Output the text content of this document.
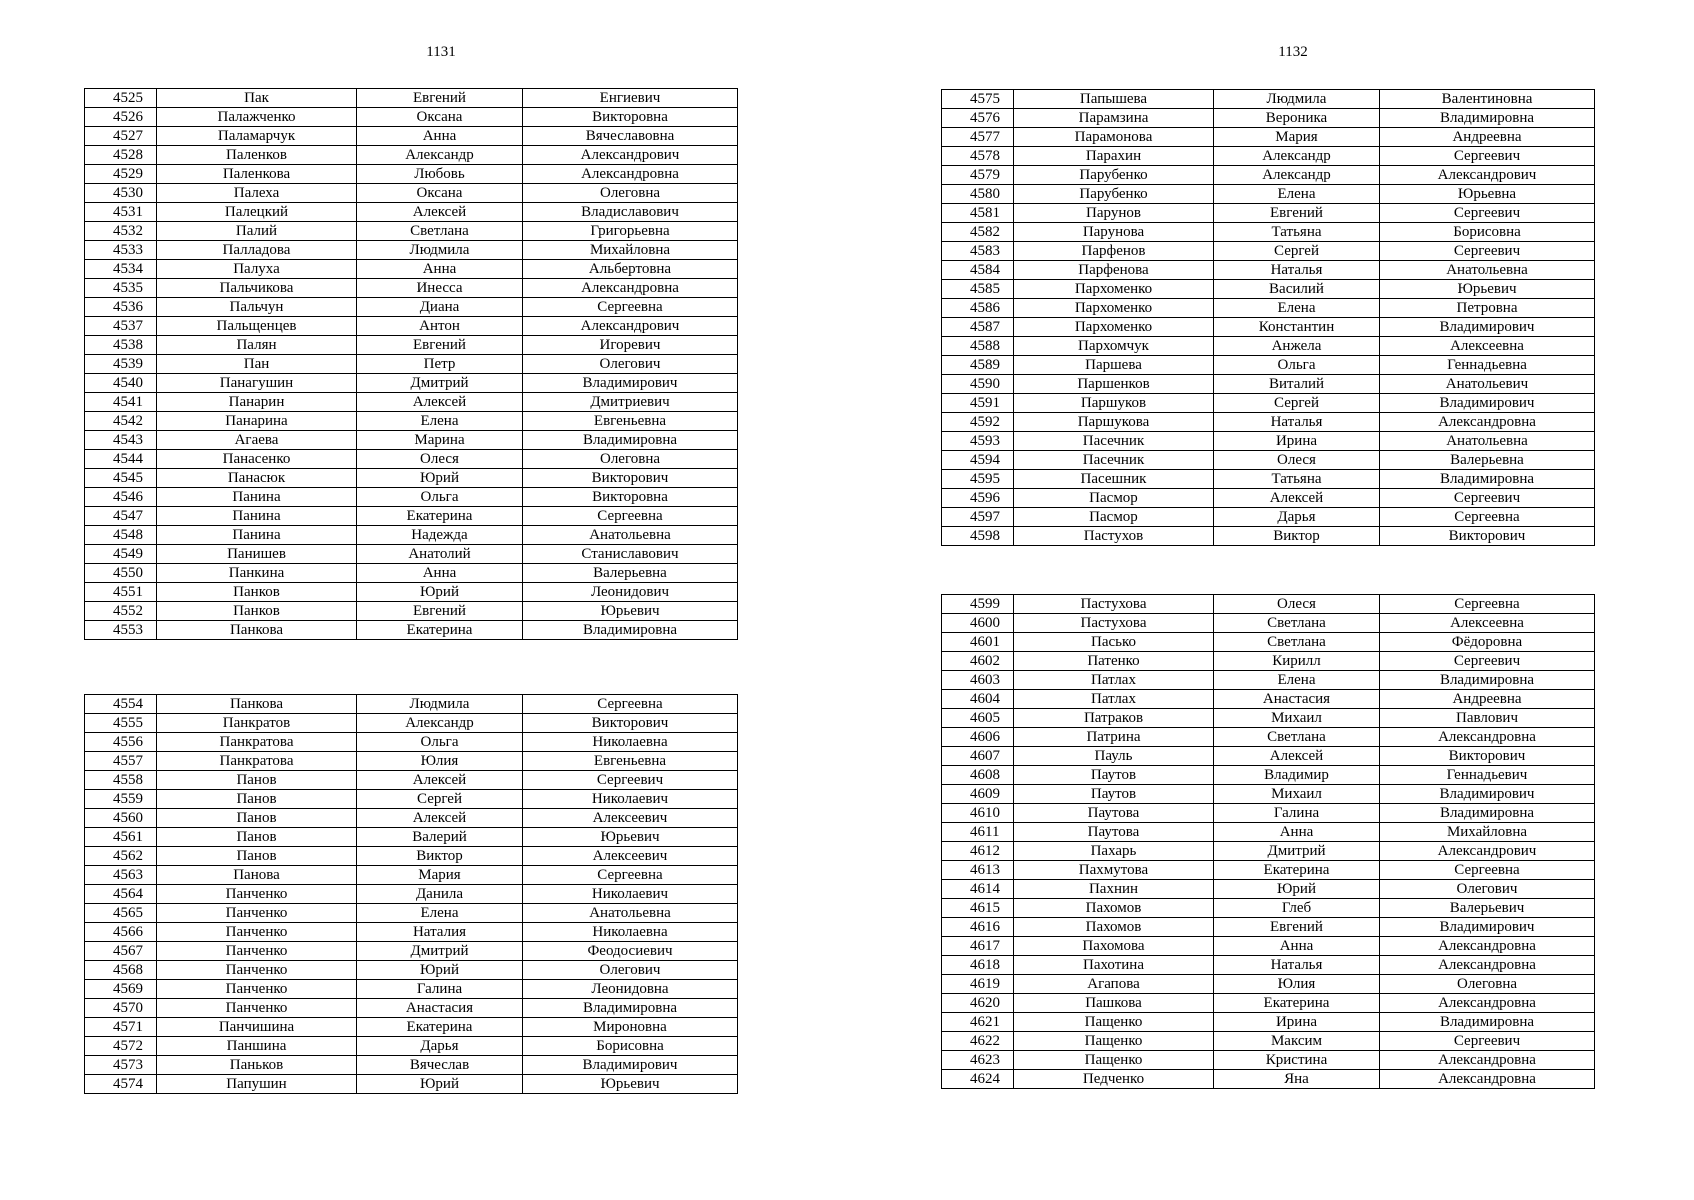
1131	1132
4525	Пак	Евгений	Енгиевич
4526	Палажченко	Оксана	Викторовна
4527	Паламарчук	Анна	Вячеславовна
4528	Паленков	Александр	Александрович
4529	Паленкова	Любовь	Александровна
4530	Палеха	Оксана	Олеговна
4531	Палецкий	Алексей	Владиславович
4532	Палий	Светлана	Григорьевна
4533	Палладова	Людмила	Михайловна
4534	Палуха	Анна	Альбертовна
4535	Пальчикова	Инесса	Александровна
4536	Пальчун	Диана	Сергеевна
4537	Пальщенцев	Антон	Александрович
4538	Палян	Евгений	Игоревич
4539	Пан	Петр	Олегович
4540	Панагушин	Дмитрий	Владимирович
4541	Панарин	Алексей	Дмитриевич
4542	Панарина	Елена	Евгеньевна
4543	Агаева	Марина	Владимировна
4544	Панасенко	Олеся	Олеговна
4545	Панасюк	Юрий	Викторович
4546	Панина	Ольга	Викторовна
4547	Панина	Екатерина	Сергеевна
4548	Панина	Надежда	Анатольевна
4549	Панишев	Анатолий	Станиславович
4550	Панкина	Анна	Валерьевна
4551	Панков	Юрий	Леонидович
4552	Панков	Евгений	Юрьевич
4553	Панкова	Екатерина	Владимировна
4554	Панкова	Людмила	Сергеевна
4555	Панкратов	Александр	Викторович
4556	Панкратова	Ольга	Николаевна
4557	Панкратова	Юлия	Евгеньевна
4558	Панов	Алексей	Сергеевич
4559	Панов	Сергей	Николаевич
4560	Панов	Алексей	Алексеевич
4561	Панов	Валерий	Юрьевич
4562	Панов	Виктор	Алексеевич
4563	Панова	Мария	Сергеевна
4564	Панченко	Данила	Николаевич
4565	Панченко	Елена	Анатольевна
4566	Панченко	Наталия	Николаевна
4567	Панченко	Дмитрий	Феодосиевич
4568	Панченко	Юрий	Олегович
4569	Панченко	Галина	Леонидовна
4570	Панченко	Анастасия	Владимировна
4571	Панчишина	Екатерина	Мироновна
4572	Паншина	Дарья	Борисовна
4573	Паньков	Вячеслав	Владимирович
4574	Папушин	Юрий	Юрьевич
4575	Папышева	Людмила	Валентиновна
4576	Парамзина	Вероника	Владимировна
4577	Парамонова	Мария	Андреевна
4578	Парахин	Александр	Сергеевич
4579	Парубенко	Александр	Александрович
4580	Парубенко	Елена	Юрьевна
4581	Парунов	Евгений	Сергеевич
4582	Парунова	Татьяна	Борисовна
4583	Парфенов	Сергей	Сергеевич
4584	Парфенова	Наталья	Анатольевна
4585	Пархоменко	Василий	Юрьевич
4586	Пархоменко	Елена	Петровна
4587	Пархоменко	Константин	Владимирович
4588	Пархомчук	Анжела	Алексеевна
4589	Паршева	Ольга	Геннадьевна
4590	Паршенков	Виталий	Анатольевич
4591	Паршуков	Сергей	Владимирович
4592	Паршукова	Наталья	Александровна
4593	Пасечник	Ирина	Анатольевна
4594	Пасечник	Олеся	Валерьевна
4595	Пасешник	Татьяна	Владимировна
4596	Пасмор	Алексей	Сергеевич
4597	Пасмор	Дарья	Сергеевна
4598	Пастухов	Виктор	Викторович
4599	Пастухова	Олеся	Сергеевна
4600	Пастухова	Светлана	Алексеевна
4601	Пасько	Светлана	Фёдоровна
4602	Патенко	Кирилл	Сергеевич
4603	Патлах	Елена	Владимировна
4604	Патлах	Анастасия	Андреевна
4605	Патраков	Михаил	Павлович
4606	Патрина	Светлана	Александровна
4607	Пауль	Алексей	Викторович
4608	Паутов	Владимир	Геннадьевич
4609	Паутов	Михаил	Владимирович
4610	Паутова	Галина	Владимировна
4611	Паутова	Анна	Михайловна
4612	Пахарь	Дмитрий	Александрович
4613	Пахмутова	Екатерина	Сергеевна
4614	Пахнин	Юрий	Олегович
4615	Пахомов	Глеб	Валерьевич
4616	Пахомов	Евгений	Владимирович
4617	Пахомова	Анна	Александровна
4618	Пахотина	Наталья	Александровна
4619	Агапова	Юлия	Олеговна
4620	Пашкова	Екатерина	Александровна
4621	Пащенко	Ирина	Владимировна
4622	Пащенко	Максим	Сергеевич
4623	Пащенко	Кристина	Александровна
4624	Педченко	Яна	Александровна
